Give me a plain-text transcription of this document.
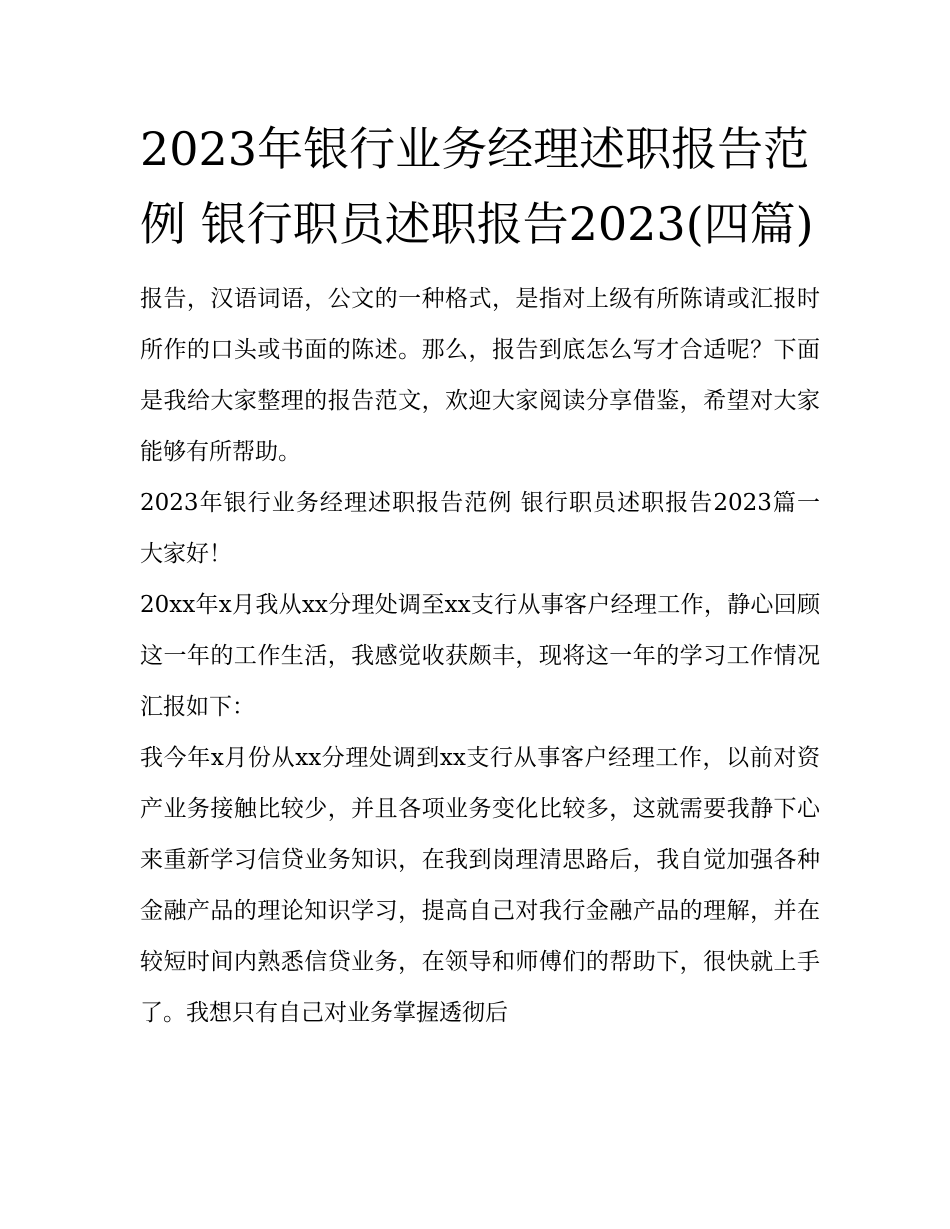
2023年银行业务经理述职报告范例 银行职员述职报告2023(四篇)

报告，汉语词语，公文的一种格式，是指对上级有所陈请或汇报时所作的口头或书面的陈述。那么，报告到底怎么写才合适呢？下面是我给大家整理的报告范文，欢迎大家阅读分享借鉴，希望对大家能够有所帮助。

2023年银行业务经理述职报告范例 银行职员述职报告2023篇一 大家好！

20xx年x月我从xx分理处调至xx支行从事客户经理工作，静心回顾这一年的工作生活，我感觉收获颇丰，现将这一年的学习工作情况汇报如下：

我今年x月份从xx分理处调到xx支行从事客户经理工作，以前对资产业务接触比较少，并且各项业务变化比较多，这就需要我静下心来重新学习信贷业务知识，在我到岗理清思路后，我自觉加强各种金融产品的理论知识学习，提高自己对我行金融产品的理解，并在较短时间内熟悉信贷业务，在领导和师傅们的帮助下，很快就上手了。我想只有自己对业务掌握透彻后
